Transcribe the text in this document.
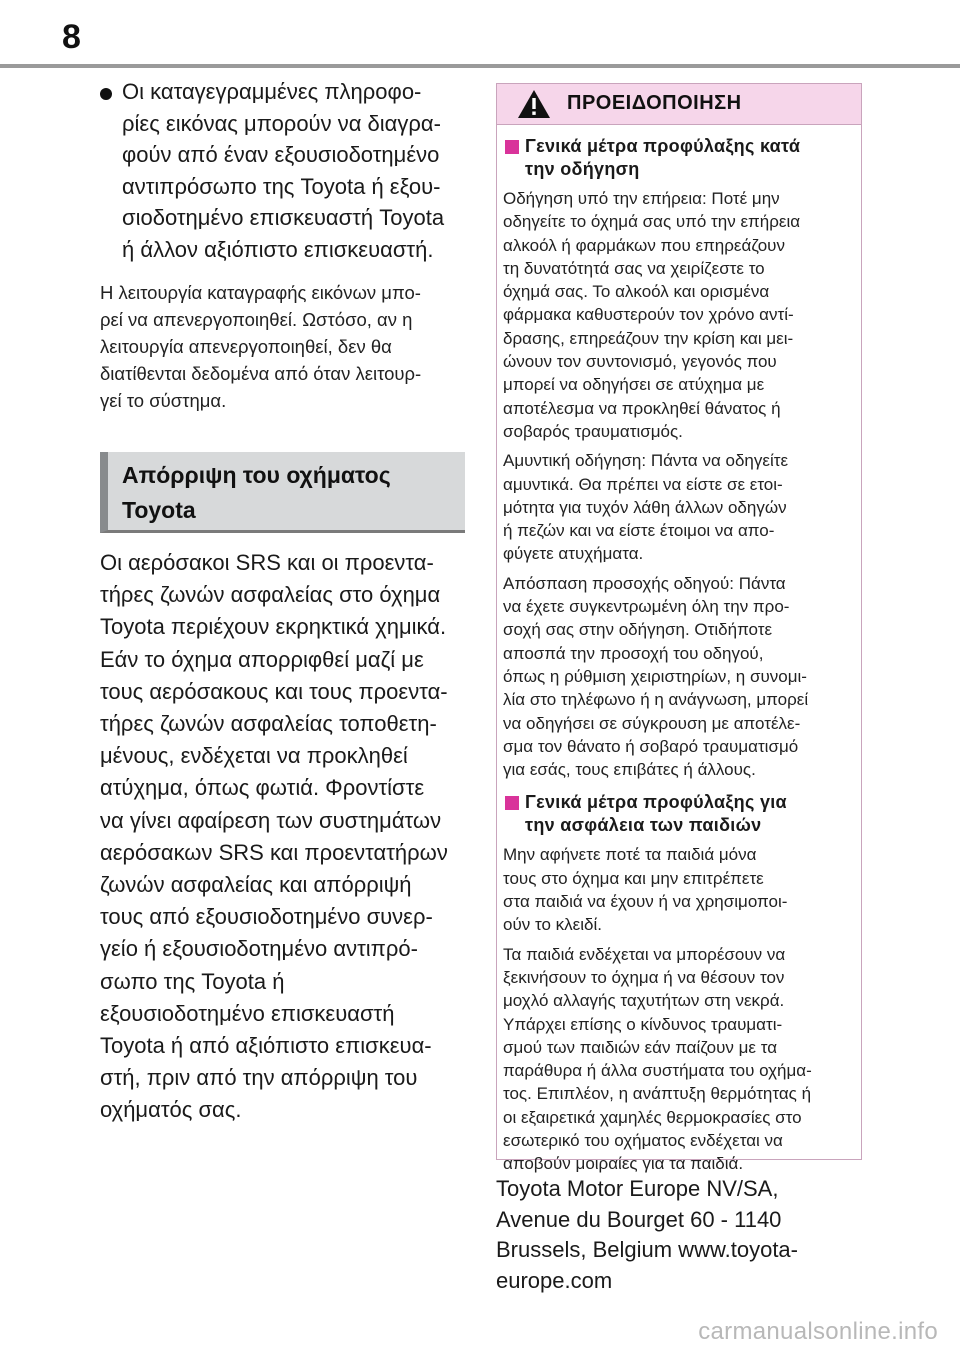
8
Οι καταγεγραμμένες πληροφο-
ρίες εικόνας μπορούν να διαγρα-
φούν από έναν εξουσιοδοτημένο
αντιπρόσωπο της Toyota ή εξου-
σιοδοτημένο επισκευαστή Toyota
ή άλλον αξιόπιστο επισκευαστή.
Η λειτουργία καταγραφής εικόνων μπο-
ρεί να απενεργοποιηθεί. Ωστόσο, αν η
λειτουργία απενεργοποιηθεί, δεν θα
διατίθενται δεδομένα από όταν λειτουρ-
γεί το σύστημα.
Απόρριψη του οχήματος
Toyota
Οι αερόσακοι SRS και οι προεντα-
τήρες ζωνών ασφαλείας στο όχημα
Toyota περιέχουν εκρηκτικά χημικά.
Εάν το όχημα απορριφθεί μαζί με
τους αερόσακους και τους προεντα-
τήρες ζωνών ασφαλείας τοποθετη-
μένους, ενδέχεται να προκληθεί
ατύχημα, όπως φωτιά. Φροντίστε
να γίνει αφαίρεση των συστημάτων
αερόσακων SRS και προεντατήρων
ζωνών ασφαλείας και απόρριψή
τους από εξουσιοδοτημένο συνερ-
γείο ή εξουσιοδοτημένο αντιπρό-
σωπο της Toyota ή
εξουσιοδοτημένο επισκευαστή
Toyota ή από αξιόπιστο επισκευα-
στή, πριν από την απόρριψη του
οχήματός σας.
ΠΡΟΕΙΔΟΠΟΙΗΣΗ
Γενικά μέτρα προφύλαξης κατά
την οδήγηση
Οδήγηση υπό την επήρεια: Ποτέ μην
οδηγείτε το όχημά σας υπό την επήρεια
αλκοόλ ή φαρμάκων που επηρεάζουν
τη δυνατότητά σας να χειρίζεστε το
όχημά σας. Το αλκοόλ και ορισμένα
φάρμακα καθυστερούν τον χρόνο αντί-
δρασης, επηρεάζουν την κρίση και μει-
ώνουν τον συντονισμό, γεγονός που
μπορεί να οδηγήσει σε ατύχημα με
αποτέλεσμα να προκληθεί θάνατος ή
σοβαρός τραυματισμός.
Αμυντική οδήγηση: Πάντα να οδηγείτε
αμυντικά. Θα πρέπει να είστε σε ετοι-
μότητα για τυχόν λάθη άλλων οδηγών
ή πεζών και να είστε έτοιμοι να απο-
φύγετε ατυχήματα.
Απόσπαση προσοχής οδηγού: Πάντα
να έχετε συγκεντρωμένη όλη την προ-
σοχή σας στην οδήγηση. Οτιδήποτε
αποσπά την προσοχή του οδηγού,
όπως η ρύθμιση χειριστηρίων, η συνομι-
λία στο τηλέφωνο ή η ανάγνωση, μπορεί
να οδηγήσει σε σύγκρουση με αποτέλε-
σμα τον θάνατο ή σοβαρό τραυματισμό
για εσάς, τους επιβάτες ή άλλους.
Γενικά μέτρα προφύλαξης για
την ασφάλεια των παιδιών
Μην αφήνετε ποτέ τα παιδιά μόνα
τους στο όχημα και μην επιτρέπετε
στα παιδιά να έχουν ή να χρησιμοποι-
ούν το κλειδί.
Τα παιδιά ενδέχεται να μπορέσουν να
ξεκινήσουν το όχημα ή να θέσουν τον
μοχλό αλλαγής ταχυτήτων στη νεκρά.
Υπάρχει επίσης ο κίνδυνος τραυματι-
σμού των παιδιών εάν παίζουν με τα
παράθυρα ή άλλα συστήματα του οχήμα-
τος. Επιπλέον, η ανάπτυξη θερμότητας ή
οι εξαιρετικά χαμηλές θερμοκρασίες στο
εσωτερικό του οχήματος ενδέχεται να
αποβούν μοιραίες για τα παιδιά.
Toyota Motor Europe NV/SA,
Avenue du Bourget 60 - 1140
Brussels, Belgium www.toyota-
europe.com
carmanualsonline.info
